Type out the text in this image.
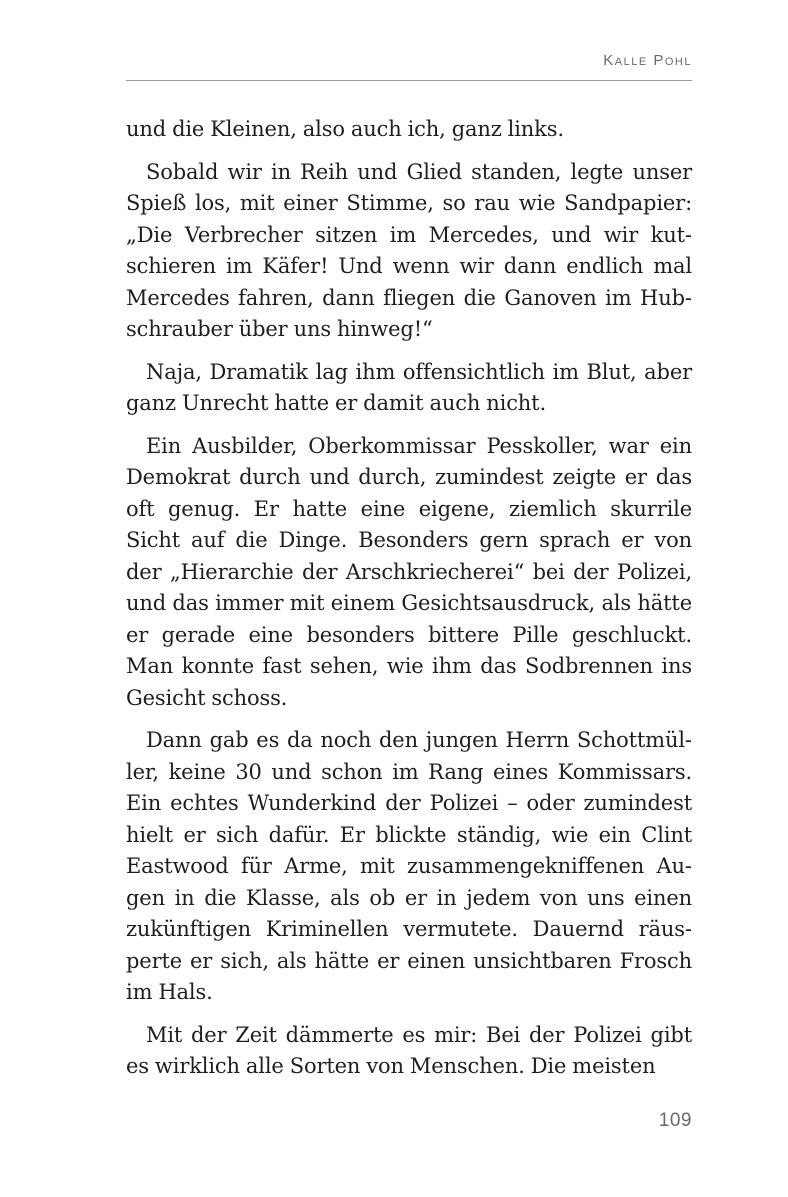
Kalle Pohl

und die Kleinen, also auch ich, ganz links.

Sobald wir in Reih und Glied standen, legte unser Spieß los, mit einer Stimme, so rau wie Sandpapier: „Die Verbrecher sitzen im Mercedes, und wir kutschieren im Käfer! Und wenn wir dann endlich mal Mercedes fahren, dann fliegen die Ganoven im Hubschrauber über uns hinweg!“

Naja, Dramatik lag ihm offensichtlich im Blut, aber ganz Unrecht hatte er damit auch nicht.

Ein Ausbilder, Oberkommissar Pesskoller, war ein Demokrat durch und durch, zumindest zeigte er das oft genug. Er hatte eine eigene, ziemlich skurrile Sicht auf die Dinge. Besonders gern sprach er von der „Hierarchie der Arschkriecherei“ bei der Polizei, und das immer mit einem Gesichtsausdruck, als hätte er gerade eine besonders bittere Pille geschluckt. Man konnte fast sehen, wie ihm das Sodbrennen ins Gesicht schoss.

Dann gab es da noch den jungen Herrn Schottmüller, keine 30 und schon im Rang eines Kommissars. Ein echtes Wunderkind der Polizei – oder zumindest hielt er sich dafür. Er blickte ständig, wie ein Clint Eastwood für Arme, mit zusammengekniffenen Augen in die Klasse, als ob er in jedem von uns einen zukünftigen Kriminellen vermutete. Dauernd räusperte er sich, als hätte er einen unsichtbaren Frosch im Hals.

Mit der Zeit dämmerte es mir: Bei der Polizei gibt es wirklich alle Sorten von Menschen. Die meisten

109
